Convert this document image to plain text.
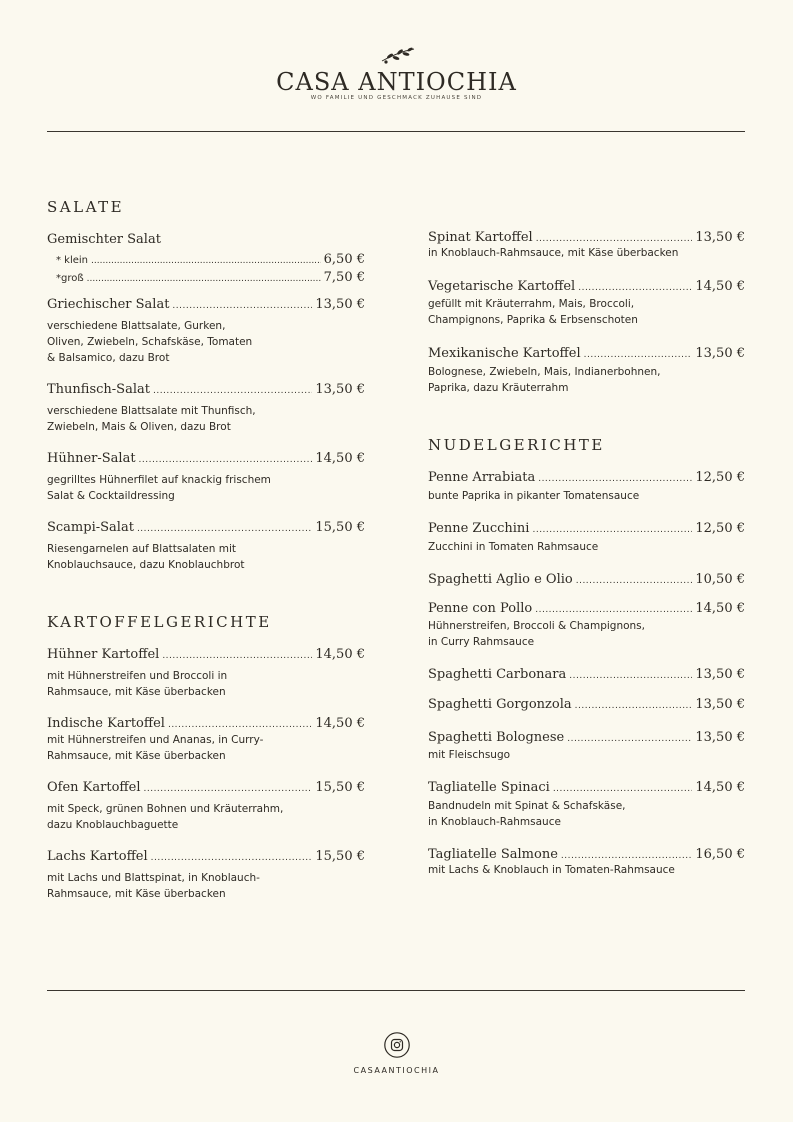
CASA ANTIOCHIA
WO FAMILIE UND GESCHMACK ZUHAUSE SIND
SALATE
Gemischter Salat
* klein .....	6,50 €
*groß .....	7,50 €
Griechischer Salat .....	13,50 €
verschiedene Blattsalate, Gurken,
Oliven, Zwiebeln, Schafskäse, Tomaten
& Balsamico, dazu Brot
Thunfisch-Salat .....	13,50 €
verschiedene Blattsalate mit Thunfisch,
Zwiebeln, Mais & Oliven, dazu Brot
Hühner-Salat .....	14,50 €
gegrilltes Hühnerfilet auf knackig frischem
Salat & Cocktaildressing
Scampi-Salat .....	15,50 €
Riesengarnelen auf Blattsalaten mit
Knoblauchsauce, dazu Knoblauchbrot
KARTOFFELGERICHTE
Hühner Kartoffel .....	14,50 €
mit Hühnerstreifen und Broccoli in
Rahmsauce, mit Käse überbacken
Indische Kartoffel .....	14,50 €
mit Hühnerstreifen und Ananas, in Curry-
Rahmsauce, mit Käse überbacken
Ofen Kartoffel .....	15,50 €
mit Speck, grünen Bohnen und Kräuterrahm,
dazu Knoblauchbaguette
Lachs Kartoffel .....	15,50 €
mit Lachs und Blattspinat, in Knoblauch-
Rahmsauce, mit Käse überbacken
Spinat Kartoffel .....	13,50 €
in Knoblauch-Rahmsauce, mit Käse überbacken
Vegetarische Kartoffel .....	14,50 €
gefüllt mit Kräuterrahm, Mais, Broccoli,
Champignons, Paprika & Erbsenschoten
Mexikanische Kartoffel .....	13,50 €
Bolognese, Zwiebeln, Mais, Indianerbohnen,
Paprika, dazu Kräuterrahm
NUDELGERICHTE
Penne Arrabiata .....	12,50 €
bunte Paprika in pikanter Tomatensauce
Penne Zucchini .....	12,50 €
Zucchini in Tomaten Rahmsauce
Spaghetti Aglio e Olio .....	10,50 €
Penne con Pollo .....	14,50 €
Hühnerstreifen, Broccoli & Champignons,
in Curry Rahmsauce
Spaghetti Carbonara .....	13,50 €
Spaghetti Gorgonzola .....	13,50 €
Spaghetti Bolognese .....	13,50 €
mit Fleischsugo
Tagliatelle Spinaci .....	14,50 €
Bandnudeln mit Spinat & Schafskäse,
in Knoblauch-Rahmsauce
Tagliatelle Salmone .....	16,50 €
mit Lachs & Knoblauch in Tomaten-Rahmsauce
CASAANTIOCHIA
